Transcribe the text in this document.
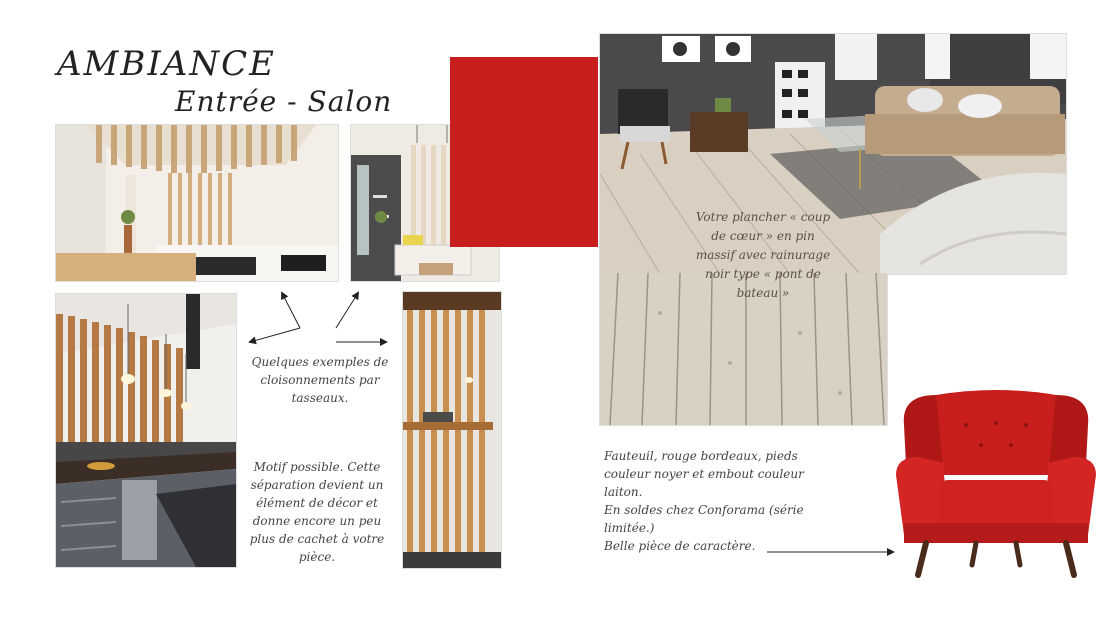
AMBIANCE
Entrée - Salon
Votre plancher « coup de cœur » en pin massif avec rainurage noir type « pont de bateau »
Quelques exemples de cloisonnements par tasseaux.
Motif possible. Cette séparation devient un élément de décor et donne encore un peu plus de cachet à votre pièce.
Fauteuil, rouge bordeaux, pieds
couleur noyer et embout couleur
laiton.
En soldes chez Conforama (série
limitée.)
Belle pièce de caractère.
